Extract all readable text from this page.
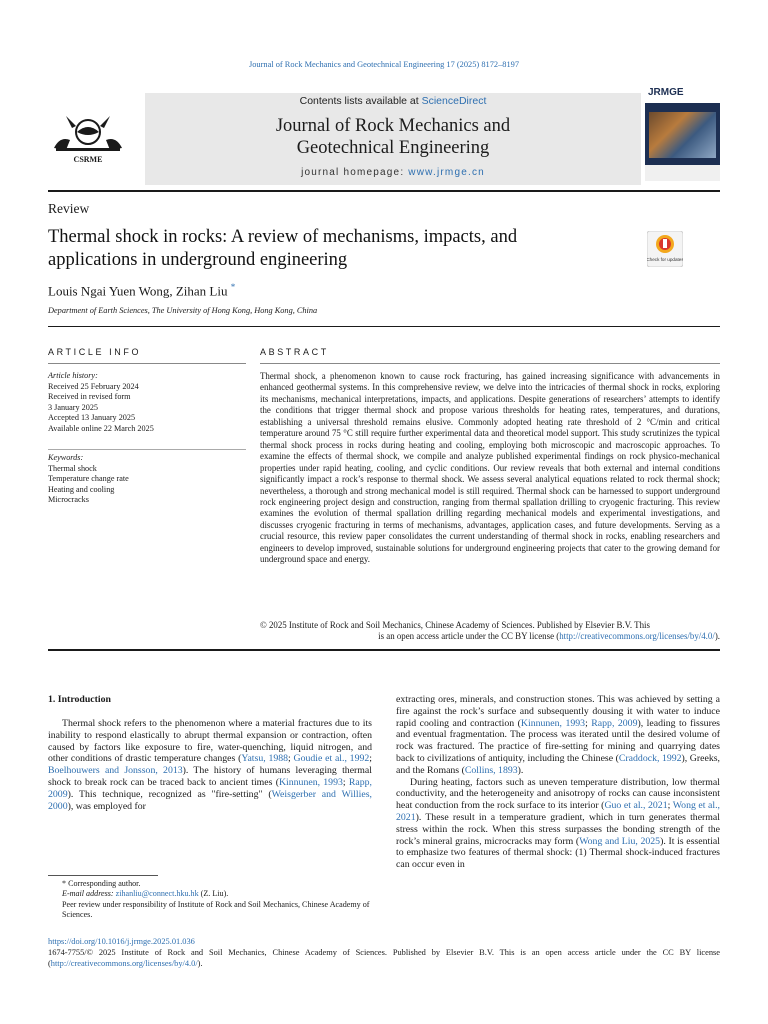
Journal of Rock Mechanics and Geotechnical Engineering 17 (2025) 8172–8197
CSRME
Contents lists available at ScienceDirect
Journal of Rock Mechanics and
Geotechnical Engineering
journal homepage: www.jrmge.cn
JRMGE
Review
Thermal shock in rocks: A review of mechanisms, impacts, and
applications in underground engineering	Check for updates
Louis Ngai Yuen Wong, Zihan Liu *
Department of Earth Sciences, The University of Hong Kong, Hong Kong, China
ARTICLE INFO	ABSTRACT
Article history:
Received 25 February 2024
Received in revised form
3 January 2025
Accepted 13 January 2025
Available online 22 March 2025
Keywords:
Thermal shock
Temperature change rate
Heating and cooling
Microcracks

Thermal shock, a phenomenon known to cause rock fracturing, has gained increasing significance with advancements in enhanced geothermal systems. In this comprehensive review, we delve into the intricacies of thermal shock in rocks, exploring its mechanisms, mechanical interpretations, impacts, and applications. Despite generations of researchers’ attempts to identify the conditions that trigger thermal shock and propose various thresholds for heating rates, temperatures, and durations, establishing a universal threshold remains elusive. Commonly adopted heating rate threshold of 2 °C/min and critical temperature around 75 °C still require further experimental data and theoretical model support. This study scrutinizes the typical thermal shock process in rocks during heating and cooling, employing both microscopic and macroscopic approaches. To examine the effects of thermal shock, we compile and analyze published experimental findings on rock physico-mechanical properties under rapid heating, cooling, and cyclic conditions. Our review reveals that both external and internal conditions significantly impact a rock’s response to thermal shock. We assess several analytical equations related to rock thermal shock; nevertheless, a thorough and strong mechanical model is still required. Thermal shock can be harnessed to support underground rock engineering project design and construction, ranging from thermal spallation drilling to cryogenic fracturing. This review examines the evolution of thermal spallation drilling regarding mechanical models and experimental investigations, and discusses cryogenic fracturing in terms of mechanisms, advantages, application cases, and future developments. Serving as a crucial resource, this review paper consolidates the current understanding of thermal shock in rocks, enabling researchers and engineers to develop improved, sustainable solutions for underground engineering projects that cater to the growing demand for underground space and energy.

© 2025 Institute of Rock and Soil Mechanics, Chinese Academy of Sciences. Published by Elsevier B.V. This
is an open access article under the CC BY license (http://creativecommons.org/licenses/by/4.0/).
1. Introduction

Thermal shock refers to the phenomenon where a material fractures due to its inability to respond elastically to abrupt thermal expansion or contraction, often caused by factors like exposure to fire, water-quenching, liquid nitrogen, and other conditions of drastic temperature changes (Yatsu, 1988; Goudie et al., 1992; Boelhouwers and Jonsson, 2013). The history of humans leveraging thermal shock to break rock can be traced back to ancient times (Kinnunen, 1993; Rapp, 2009). This technique, recognized as "fire-setting" (Weisgerber and Willies, 2000), was employed for

extracting ores, minerals, and construction stones. This was achieved by setting a fire against the rock’s surface and subsequently dousing it with water to induce rapid cooling and contraction (Kinnunen, 1993; Rapp, 2009), leading to fissures and eventual fragmentation. The process was iterated until the desired volume of rock was fractured. The practice of fire-setting for mining and quarrying dates back to civilizations of antiquity, including the Chinese (Craddock, 1992), Greeks, and the Romans (Collins, 1893).

During heating, factors such as uneven temperature distribution, low thermal conductivity, and the heterogeneity and anisotropy of rocks can cause inconsistent heat conduction from the rock surface to its interior (Guo et al., 2021; Wong et al., 2021). These result in a temperature gradient, which in turn generates thermal stress within the rock. When this stress surpasses the bonding strength of the rock’s mineral grains, microcracks may form (Wong and Liu, 2025). It is essential to emphasize two features of thermal shock: (1) Thermal shock-induced fractures can occur even in

* Corresponding author.
E-mail address: zihanliu@connect.hku.hk (Z. Liu).
Peer review under responsibility of Institute of Rock and Soil Mechanics, Chinese Academy of Sciences.
https://doi.org/10.1016/j.jrmge.2025.01.036
1674-7755/© 2025 Institute of Rock and Soil Mechanics, Chinese Academy of Sciences. Published by Elsevier B.V. This is an open access article under the CC BY license (http://creativecommons.org/licenses/by/4.0/).
